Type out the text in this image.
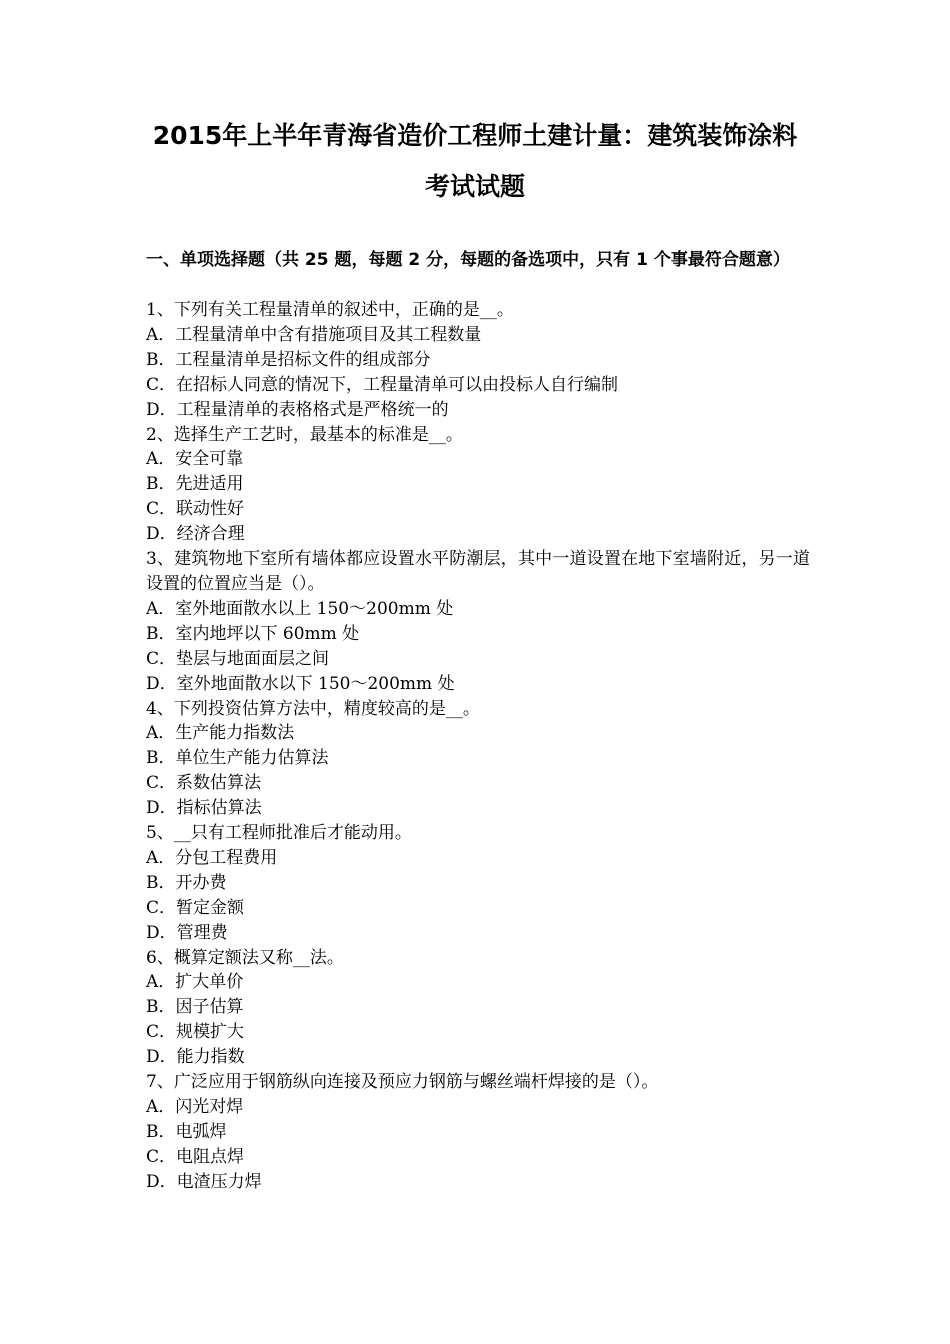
2015年上半年青海省造价工程师土建计量：建筑装饰涂料
考试试题
一、单项选择题（共 25 题，每题 2 分，每题的备选项中，只有 1 个事最符合题意）

1、下列有关工程量清单的叙述中，正确的是__。

A．工程量清单中含有措施项目及其工程数量

B．工程量清单是招标文件的组成部分

C．在招标人同意的情况下，工程量清单可以由投标人自行编制

D．工程量清单的表格格式是严格统一的

2、选择生产工艺时，最基本的标准是__。

A．安全可靠

B．先进适用

C．联动性好

D．经济合理

3、建筑物地下室所有墙体都应设置水平防潮层，其中一道设置在地下室墙附近，另一道设置的位置应当是（）。

A．室外地面散水以上 150～200mm 处

B．室内地坪以下 60mm 处

C．垫层与地面面层之间

D．室外地面散水以下 150～200mm 处

4、下列投资估算方法中，精度较高的是__。

A．生产能力指数法

B．单位生产能力估算法

C．系数估算法

D．指标估算法

5、__只有工程师批准后才能动用。

A．分包工程费用

B．开办费

C．暂定金额

D．管理费

6、概算定额法又称__法。

A．扩大单价

B．因子估算

C．规模扩大

D．能力指数

7、广泛应用于钢筋纵向连接及预应力钢筋与螺丝端杆焊接的是（）。

A．闪光对焊

B．电弧焊

C．电阻点焊

D．电渣压力焊
